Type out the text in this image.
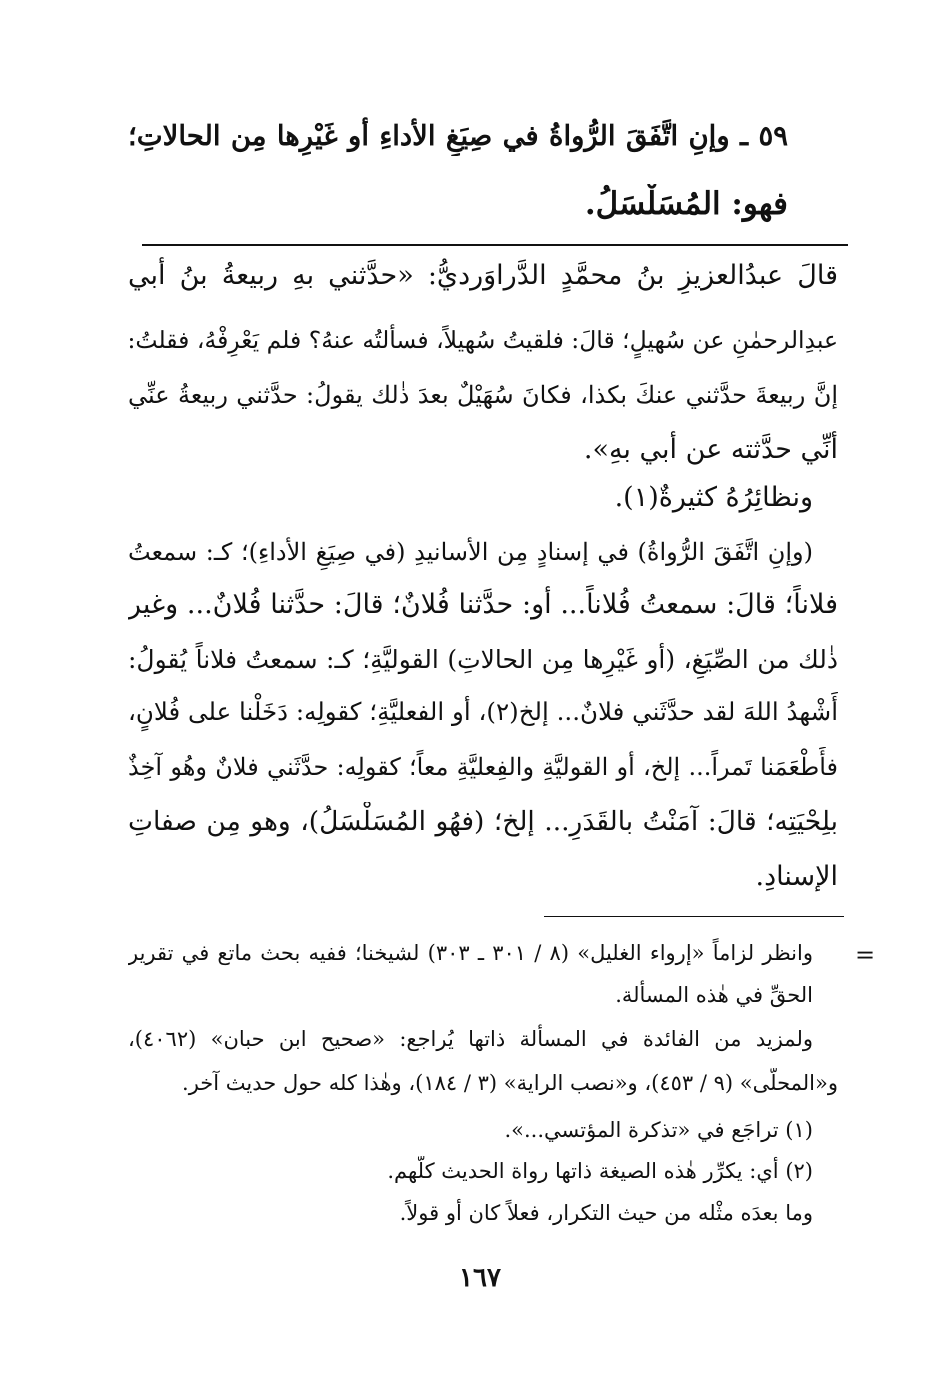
٥٩ ـ وإنِ اتَّفَقَ الرُّواةُ في صِيَغِ الأداءِ أو غَيْرِها مِن الحالاتِ؛

فهو: المُسَلْسَلُ.

قالَ عبدُالعزيزِ بنُ محمَّدٍ الدَّراوَرديُّ: «حدَّثني بهِ ربيعةُ بنُ أبي

عبدِالرحمٰنِ عن سُهيلٍ؛ قالَ: فلقيتُ سُهيلاً، فسألتُه عنهُ؟ فلم يَعْرِفْهُ، فقلتُ:

إنَّ ربيعةَ حدَّثني عنكَ بكذا، فكانَ سُهَيْلٌ بعدَ ذٰلك يقولُ: حدَّثني ربيعةُ عنِّي

أنِّي حدَّثته عن أبي بهِ».

ونظائِرُهُ كثيرةٌ(١).

(وإنِ اتَّفَقَ الرُّواةُ) في إسنادٍ مِن الأسانيدِ (في صِيَغِ الأداءِ)؛ كـ: سمعتُ

فلاناً؛ قالَ: سمعتُ فُلاناً... أو: حدَّثنا فُلانٌ؛ قالَ: حدَّثنا فُلانٌ... وغير

ذٰلك من الصِّيَغِ، (أو غَيْرِها مِن الحالاتِ) القوليَّةِ؛ كـ: سمعتُ فلاناً يُقولُ:

أَشْهدُ اللهَ لقد حدَّثَني فلانٌ... إلخ(٢)، أو الفعليَّةِ؛ كقولِه: دَخَلْنا على فُلانٍ،

فأَطْعَمَنا تَمراً... إلخ، أو القوليَّةِ والفِعليَّةِ معاً؛ كقولِه: حدَّثَني فلانٌ وهُو آخِذٌ

بلِحْيَتِه؛ قالَ: آمَنْتُ بالقَدَرِ... إلخ؛ (فهُو المُسَلْسَلُ)، وهو مِن صفاتِ

الإسنادِ.

=

وانظر لزاماً «إرواء الغليل» (٨ / ٣٠١ ـ ٣٠٣) لشيخنا؛ ففيه بحث ماتع في تقرير

الحقِّ في هٰذه المسألة.

ولمزيد من الفائدة في المسألة ذاتها يُراجع: «صحيح ابن حبان» (٤٠٦٢)،

و«المحلَّى» (٩ / ٤٥٣)، و«نصب الراية» (٣ / ١٨٤)، وهٰذا كله حول حديث آخر.

(١) تراجَع في «تذكرة المؤتسي...».

(٢) أي: يكرِّر هٰذه الصيغة ذاتها رواة الحديث كلُّهم.

وما بعدَه مثْله من حيث التكرار، فعلاً كان أو قولاً.

١٦٧
